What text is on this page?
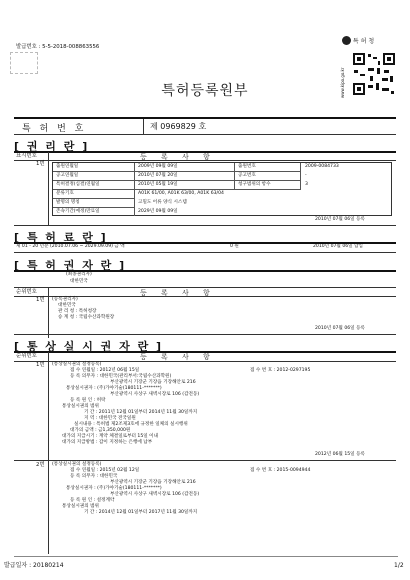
발급번호 : 5-5-2018-008863556
특 허 청
www.kipo.go.kr
특허등록원부
특 허 번 호	제 0969829 호
[ 권 리 란 ]
표시번호	등 록 사 항
1번 출원연월일	2009년 09월 09일	출원번호	2009-0084733
공고연월일	2010년 07월 20일	공고번호	-
특허결정(심결)연월일	2010년 05월 19일	청구범위의 항수	3
분류기호	A01K 61/00, A01K 63/00, A01K 63/04
발명의 명칭	고밀도 어류 양식 시스템
존속기간(예정)만료일	2029년 09월 09일
2010년 07월 06일 등록
[ 특 허 료 란 ]
제 01 - 20 년분 (2010.07.06 ~ 2029.09.09) 금 액	0 원	2010년 07월 06일 납입
[ 특 허 권 자 란 ]
(최종권리자)
대한민국
순위번호	등 록 사 항
1번 (등록권리자)
대한민국
관 리 청 : 특허청장
승 계 청 : 국립수산과학원장
2010년 07월 06일 등록
[ 통 상 실 시 권 자 란 ]
순위번호	등 록 사 항
1번 (통상실시권의 설정등록)
접 수 연월일 : 2012년 06월 15일	접 수 번 호 : 2012-0297195
등 록 의무자 : 대한민국(관리부서:국립수산과학원)
부산광역시 기장군 기장읍 기장해안로 216
통상실시권자 : (주)가야기술(180111-*******)
부산광역시 사상구 새벽시장로 106 (감전동)
등 록 원 인 : 허락
통상실시권의 범위
기 간 : 2011년 12월 01일부터 2014년 11월 30일까지
지 역 : 대한민국 전국일원
실시내용 : 특허법 제2조제3호에 규정한 일체의 실시행위
대가의 금액 : 금1,350,000원
대가의 지급시기 : 계약 체결일로부터 15일 이내
대가의 지급방법 : 갑이 지정하는 은행에 납부
2012년 06월 15일 등록
2번 (통상실시권의 설정등록)
접 수 연월일 : 2015년 02월 12일	접 수 번 호 : 2015-0094944
등 록 의무자 : 대한민국
부산광역시 기장군 기장읍 기장해안로 216
통상실시권자 : (주)가야기술(180111-*******)
부산광역시 사상구 새벽시장로 106 (감전동)
등 록 원 인 : 설정계약
통상실시권의 범위
기 간 : 2014년 12월 01일부터 2017년 11월 30일까지
발급일자 : 20180214	1/2
